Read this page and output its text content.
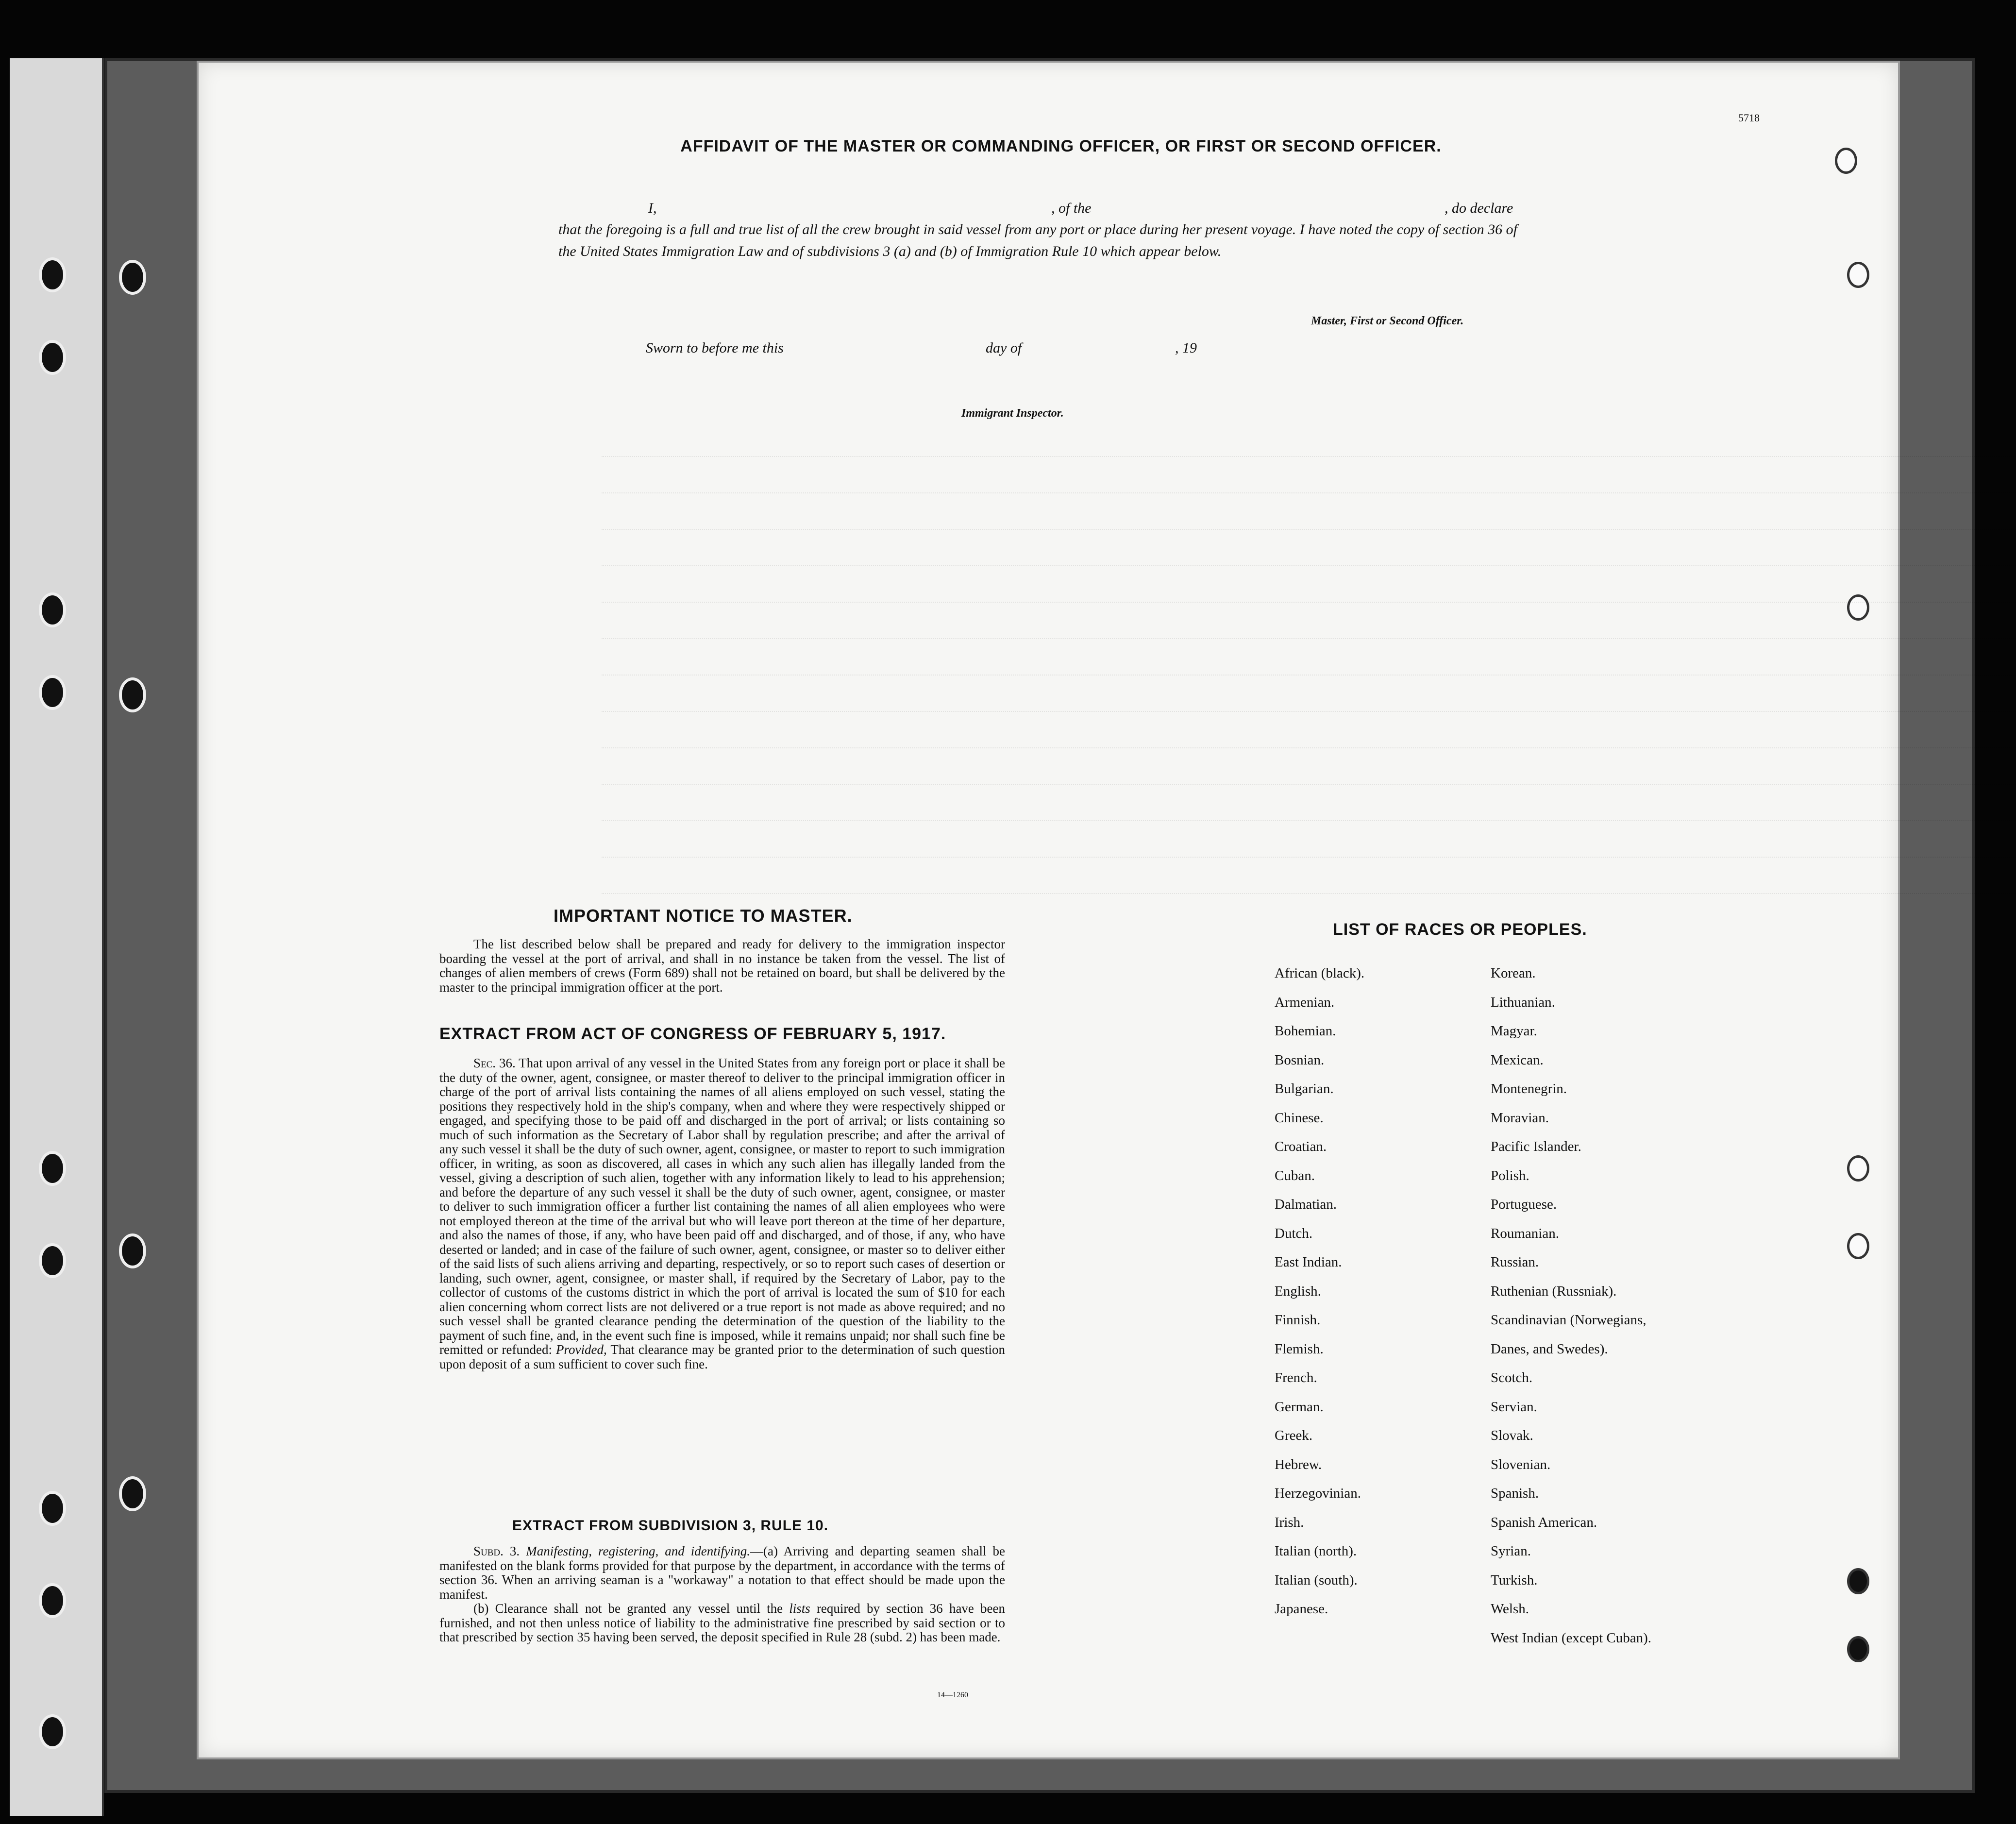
5718
AFFIDAVIT OF THE MASTER OR COMMANDING OFFICER, OR FIRST OR SECOND OFFICER.
I,	, of the	, do declare
that the foregoing is a full and true list of all the crew brought in said vessel from any port or place during her present voyage. I have noted the copy of section 36 of the United States Immigration Law and of subdivisions 3 (a) and (b) of Immigration Rule 10 which appear below.
Master, First or Second Officer.
Sworn to before me this	day of	, 19
Immigrant Inspector.
IMPORTANT NOTICE TO MASTER.

The list described below shall be prepared and ready for delivery to the immigration inspector boarding the vessel at the port of arrival, and shall in no instance be taken from the vessel. The list of changes of alien members of crews (Form 689) shall not be retained on board, but shall be delivered by the master to the principal immigration officer at the port.

EXTRACT FROM ACT OF CONGRESS OF FEBRUARY 5, 1917.

Sec. 36. That upon arrival of any vessel in the United States from any foreign port or place it shall be the duty of the owner, agent, consignee, or master thereof to deliver to the principal immigration officer in charge of the port of arrival lists containing the names of all aliens employed on such vessel, stating the positions they respectively hold in the ship's company, when and where they were respectively shipped or engaged, and specifying those to be paid off and discharged in the port of arrival; or lists containing so much of such information as the Secretary of Labor shall by regulation prescribe; and after the arrival of any such vessel it shall be the duty of such owner, agent, consignee, or master to report to such immigration officer, in writing, as soon as discovered, all cases in which any such alien has illegally landed from the vessel, giving a description of such alien, together with any information likely to lead to his apprehension; and before the departure of any such vessel it shall be the duty of such owner, agent, consignee, or master to deliver to such immigration officer a further list containing the names of all alien employees who were not employed thereon at the time of the arrival but who will leave port thereon at the time of her departure, and also the names of those, if any, who have been paid off and discharged, and of those, if any, who have deserted or landed; and in case of the failure of such owner, agent, consignee, or master so to deliver either of the said lists of such aliens arriving and departing, respectively, or so to report such cases of desertion or landing, such owner, agent, consignee, or master shall, if required by the Secretary of Labor, pay to the collector of customs of the customs district in which the port of arrival is located the sum of $10 for each alien concerning whom correct lists are not delivered or a true report is not made as above required; and no such vessel shall be granted clearance pending the determination of the question of the liability to the payment of such fine, and, in the event such fine is imposed, while it remains unpaid; nor shall such fine be remitted or refunded: Provided, That clearance may be granted prior to the determination of such question upon deposit of a sum sufficient to cover such fine.

EXTRACT FROM SUBDIVISION 3, RULE 10.

Subd. 3. Manifesting, registering, and identifying.—(a) Arriving and departing seamen shall be manifested on the blank forms provided for that purpose by the department, in accordance with the terms of section 36. When an arriving seaman is a "workaway" a notation to that effect should be made upon the manifest.

(b) Clearance shall not be granted any vessel until the lists required by section 36 have been furnished, and not then unless notice of liability to the administrative fine prescribed by said section or to that prescribed by section 35 having been served, the deposit specified in Rule 28 (subd. 2) has been made.

14—1260
LIST OF RACES OR PEOPLES.
African (black).
Armenian.
Bohemian.
Bosnian.
Bulgarian.
Chinese.
Croatian.
Cuban.
Dalmatian.
Dutch.
East Indian.
English.
Finnish.
Flemish.
French.
German.
Greek.
Hebrew.
Herzegovinian.
Irish.
Italian (north).
Italian (south).
Japanese.
Korean.
Lithuanian.
Magyar.
Mexican.
Montenegrin.
Moravian.
Pacific Islander.
Polish.
Portuguese.
Roumanian.
Russian.
Ruthenian (Russniak).
Scandinavian (Norwegians,
Danes, and Swedes).
Scotch.
Servian.
Slovak.
Slovenian.
Spanish.
Spanish American.
Syrian.
Turkish.
Welsh.
West Indian (except Cuban).
